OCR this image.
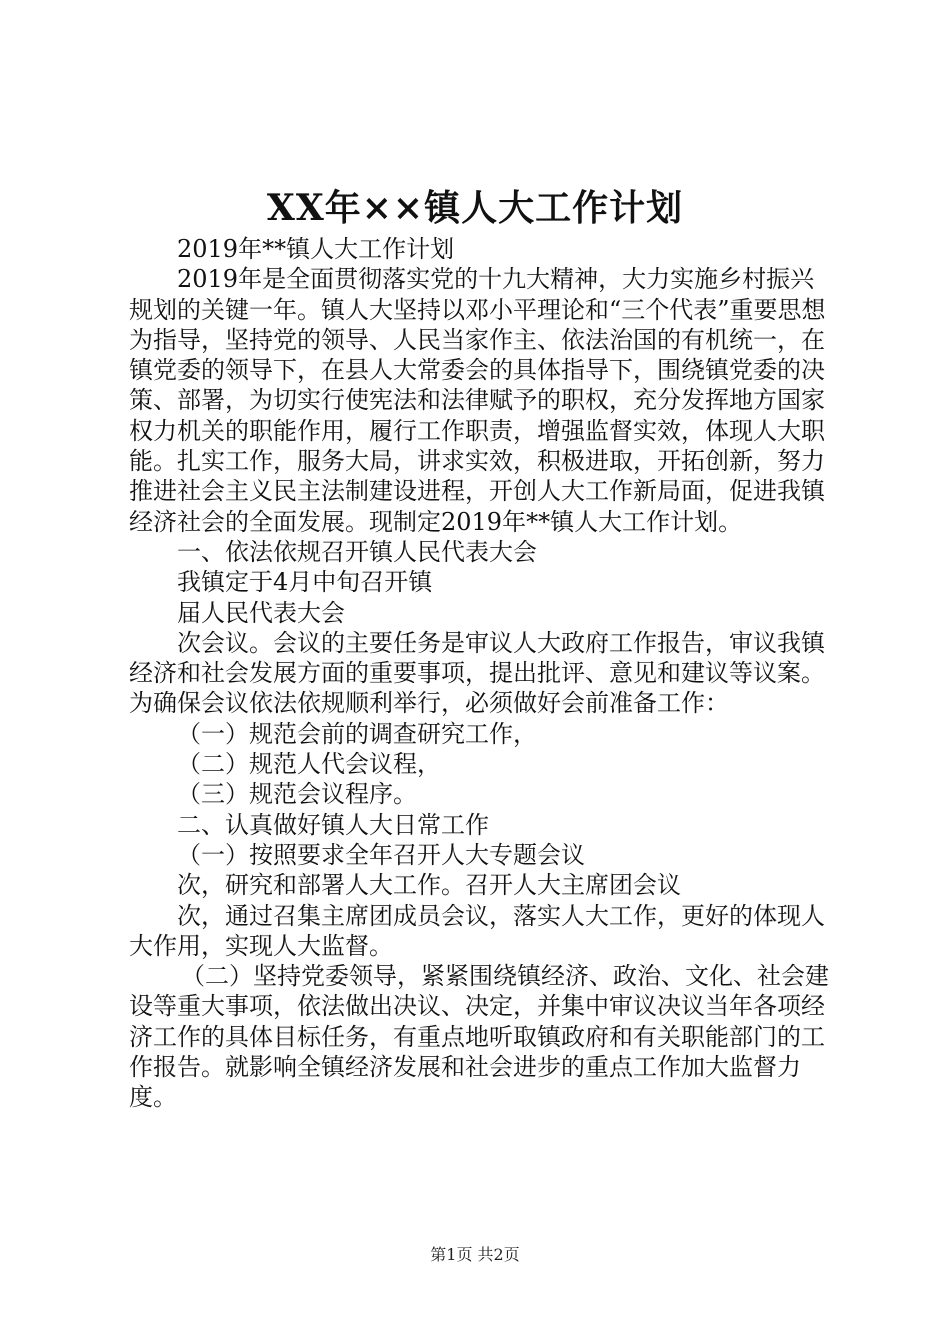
XX年××镇人大工作计划

2019年**镇人大工作计划

2019年是全面贯彻落实党的十九大精神，大力实施乡村振兴规划的关键一年。镇人大坚持以邓小平理论和“三个代表”重要思想为指导，坚持党的领导、人民当家作主、依法治国的有机统一，在镇党委的领导下，在县人大常委会的具体指导下，围绕镇党委的决策、部署，为切实行使宪法和法律赋予的职权，充分发挥地方国家权力机关的职能作用，履行工作职责，增强监督实效，体现人大职能。扎实工作，服务大局，讲求实效，积极进取，开拓创新，努力推进社会主义民主法制建设进程，开创人大工作新局面，促进我镇经济社会的全面发展。现制定2019年**镇人大工作计划。

一、依法依规召开镇人民代表大会

我镇定于4月中旬召开镇

届人民代表大会

次会议。会议的主要任务是审议人大政府工作报告，审议我镇经济和社会发展方面的重要事项，提出批评、意见和建议等议案。为确保会议依法依规顺利举行，必须做好会前准备工作：

（一）规范会前的调查研究工作，

（二）规范人代会议程，

（三）规范会议程序。

二、认真做好镇人大日常工作

（一）按照要求全年召开人大专题会议

次，研究和部署人大工作。召开人大主席团会议

次，通过召集主席团成员会议，落实人大工作，更好的体现人大作用，实现人大监督。

（二）坚持党委领导，紧紧围绕镇经济、政治、文化、社会建设等重大事项，依法做出决议、决定，并集中审议决议当年各项经济工作的具体目标任务，有重点地听取镇政府和有关职能部门的工作报告。就影响全镇经济发展和社会进步的重点工作加大监督力度。

第1页 共2页
